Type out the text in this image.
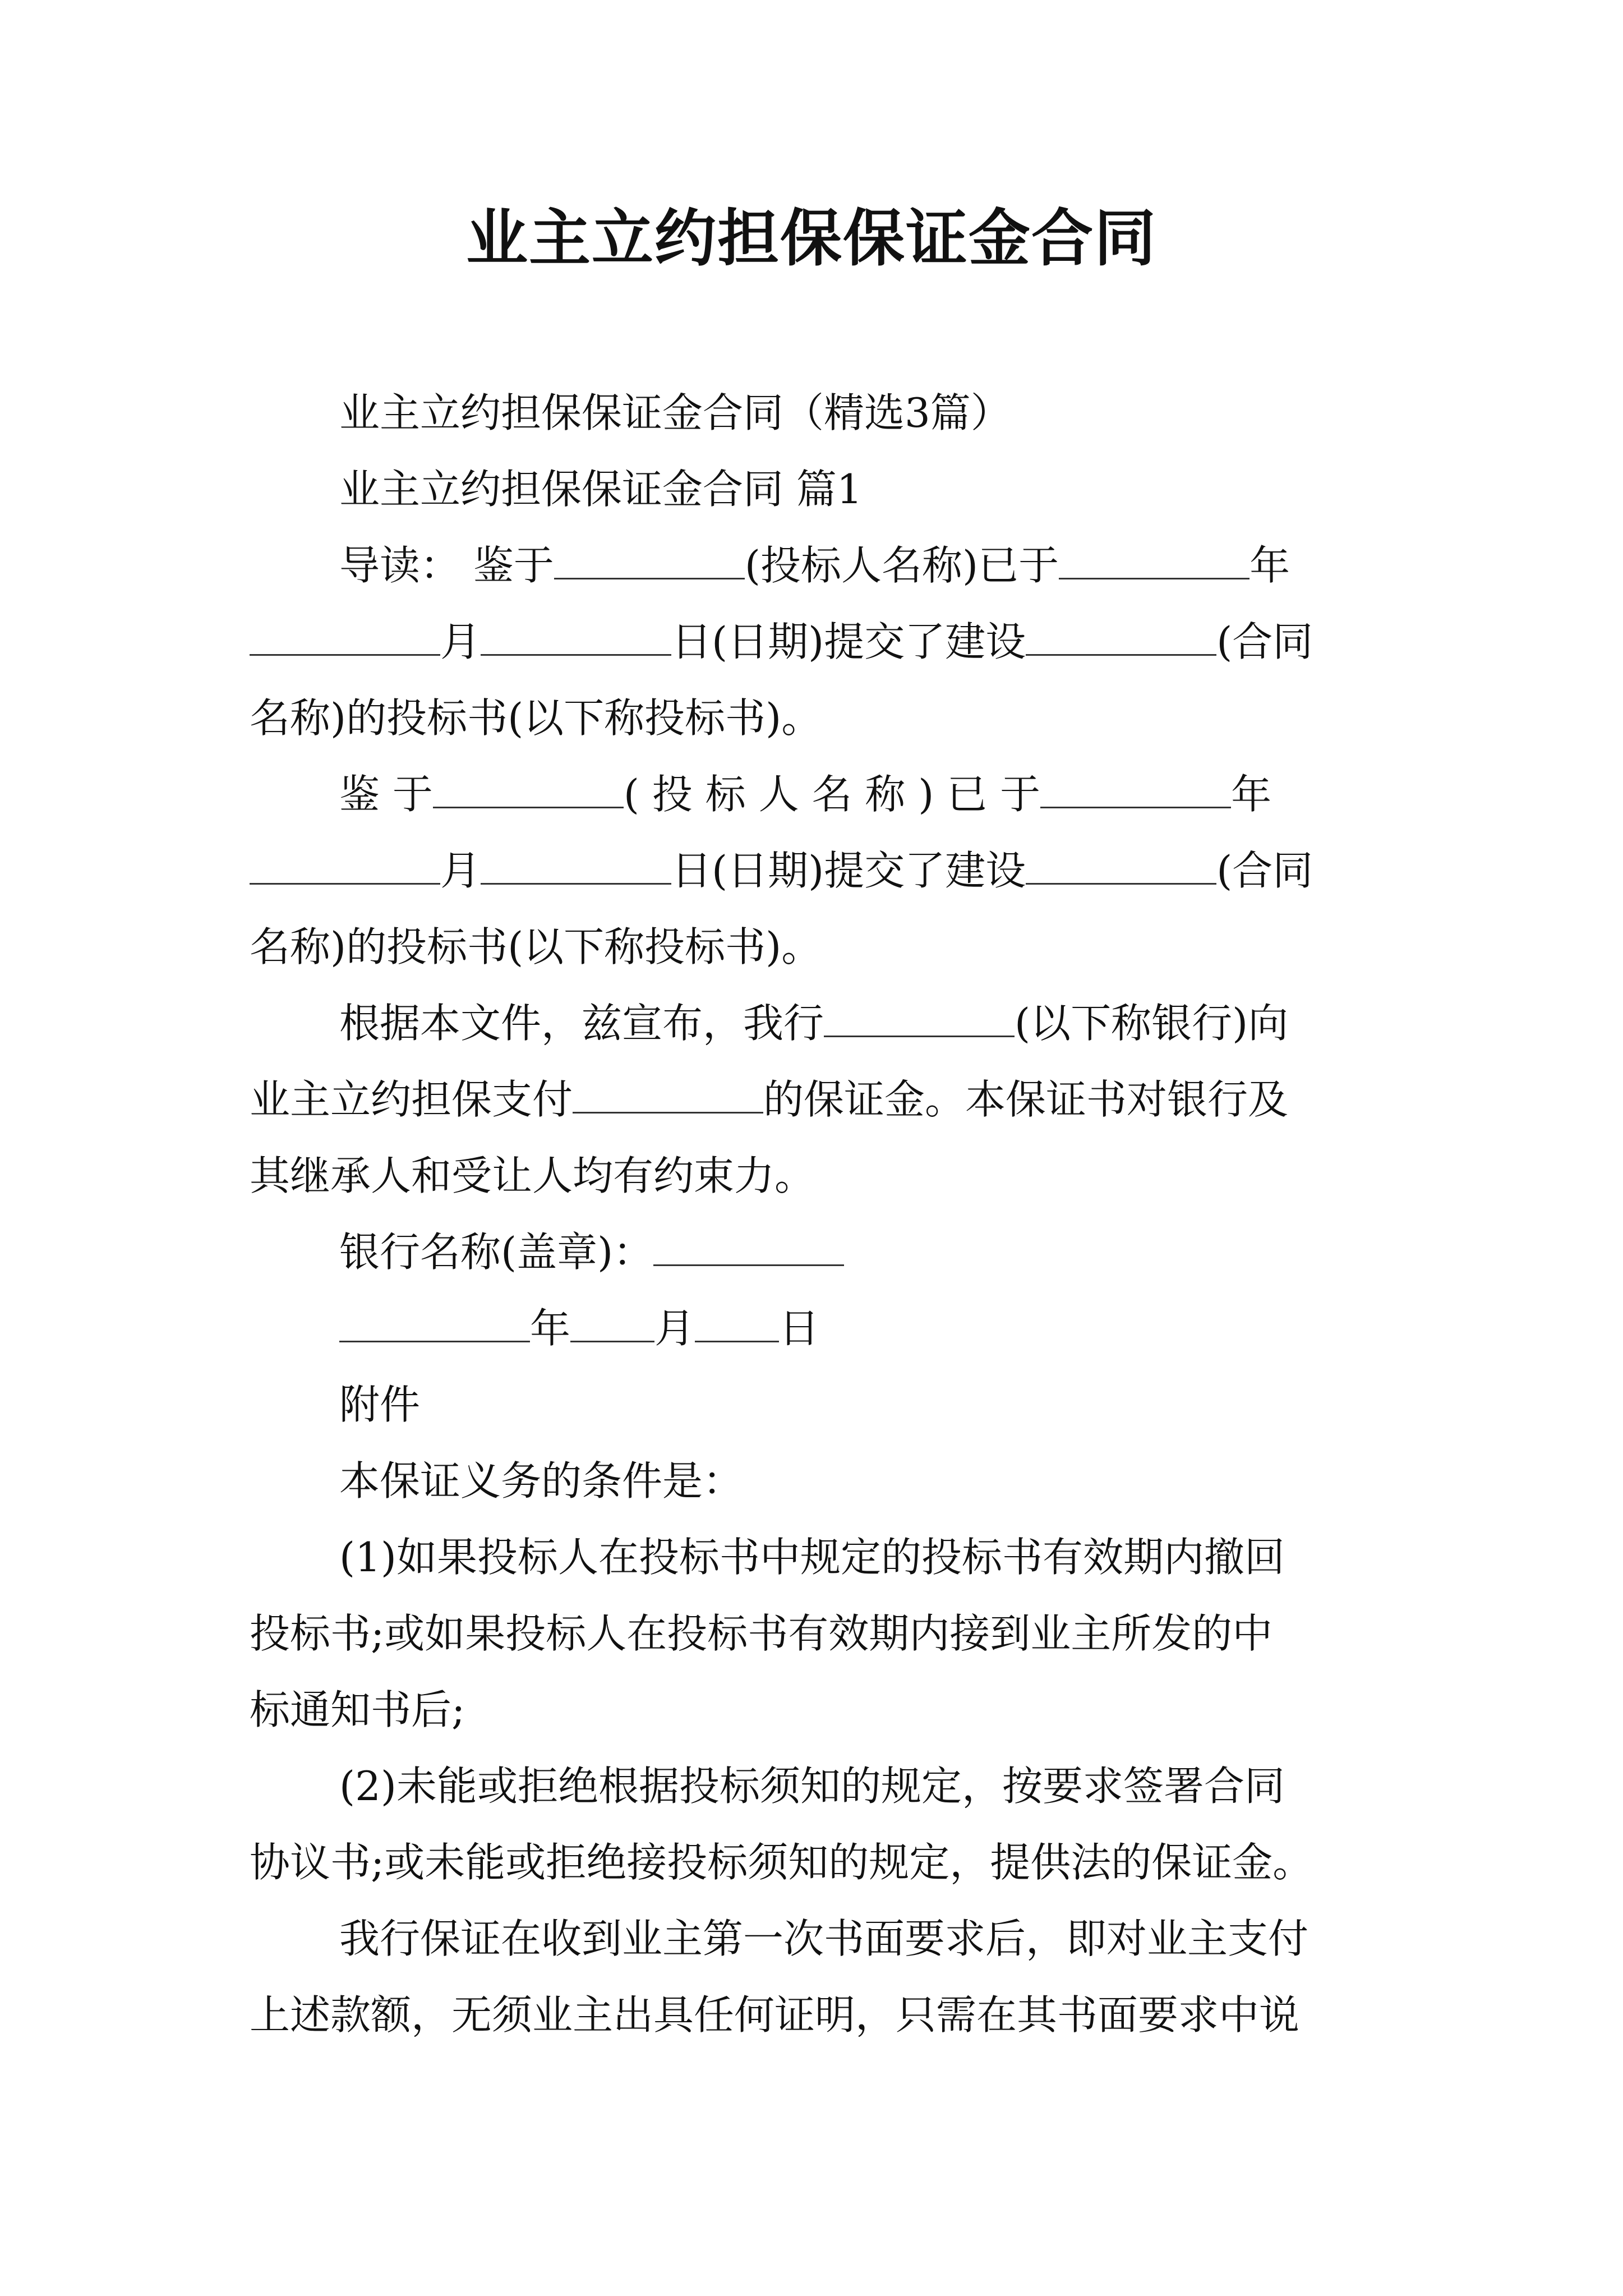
业主立约担保保证金合同
业主立约担保保证金合同（精选3篇）
业主立约担保保证金合同 篇1
导读： 鉴于	(投标人名称)已于	年
月	日(日期)提交了建设	(合同
名称)的投标书(以下称投标书)。
鉴 于	( 投 标 人 名 称 ) 已 于	年
月	日(日期)提交了建设	(合同
名称)的投标书(以下称投标书)。
根据本文件，兹宣布，我行	(以下称银行)向
业主立约担保支付	的保证金。本保证书对银行及
其继承人和受让人均有约束力。
银行名称(盖章)：
年 月 日
附件
本保证义务的条件是：
(1)如果投标人在投标书中规定的投标书有效期内撤回
投标书;或如果投标人在投标书有效期内接到业主所发的中
标通知书后;
(2)未能或拒绝根据投标须知的规定，按要求签署合同
协议书;或未能或拒绝接投标须知的规定，提供法的保证金。
我行保证在收到业主第一次书面要求后，即对业主支付
上述款额，无须业主出具任何证明，只需在其书面要求中说
